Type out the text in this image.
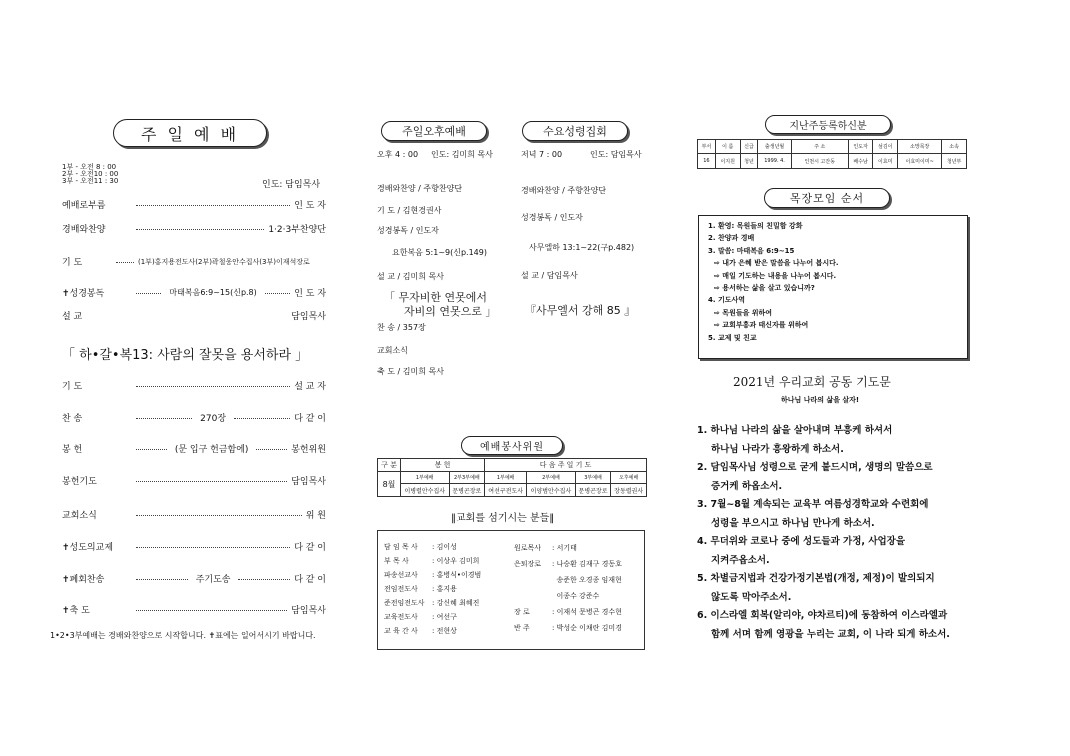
주 일 예 배
1부 - 오전 8 : 00
2부 - 오전10 : 00
3부 - 오전11 : 30	인도: 담임목사
예배로부름	인 도 자
경배와찬양	1·2·3부찬양단
기 도	(1부)홍지용전도사(2부)곽철웅안수집사(3부)이재석장로
✝성경봉독	마태복음6:9~15(신p.8)	인 도 자
설 교	담임목사
「 하•갈•복13: 사람의 잘못을 용서하라 」
기 도	설 교 자
찬 송	270장	다 같 이
봉 헌	(문 입구 헌금함에)	봉헌위원
봉헌기도	담임목사
교회소식	위 원
✝성도의교제	다 같 이
✝폐회찬송	주기도송	다 같 이
✝축 도	담임목사
1•2•3부예배는 경배와찬양으로 시작합니다. ✝표에는 일어서시기 바랍니다.
주일오후예배	수요성령집회
오후 4 : 00 인도: 김미희 목사
경배와찬양 / 주향찬양단
기 도 / 김현경권사
성경봉독 / 인도자
요한복음 5:1~9(신p.149)
설 교 / 김미희 목사
「 무자비한 연못에서
자비의 연못으로 」
찬 송 / 357장
교회소식
축 도 / 김미희 목사
저녁 7 : 00	인도: 담임목사
경배와찬양 / 주향찬양단
성경봉독 / 인도자
사무엘하 13:1~22(구p.482)
설 교 / 담임목사
『사무엘서 강해 85 』
예배봉사위원
구 분	봉 헌		다 음 주 일 기 도			
8월	1부예배	2부3부예배	1부예배	2부예배	3부예배	오후예배
	이병렬안수집사	문병곤장로	여선구전도사	이양범안수집사	문병곤장로	장동렬권사
‖교회를 섬기시는 분들‖
담 임 목 사 : 김이성
부 목 사	: 이상우 김미희
파송선교사 : 홍병식•이경범
전임전도사 : 홍지용
준전임전도사 : 강신혜 최혜진
교육전도사 : 여선구
교 육 간 사 : 전현상
원로목사 : 서기태
은퇴장로 : 나승환 김재구 경동호
송준한 오경종 임재현
이종수 강준수
장 로	: 이재석 문병곤 경수현
반 주	: 박성순 이채란 김미경
지난주등록하신분
부서	이 름	신급	출생년월	주 소	인도자	섬김이	소망목장	소속
16	이지원	청년	1999. 4.	인천시 고잔동	배수남	이효미	이효미이미~	청년부
목장모임 순서
1. 환영: 목원들의 친밀함 강화
2. 찬양과 경배
3. 말씀: 마태복음 6:9~15
⇨ 내가 은혜 받은 말씀을 나누어 봅시다.
⇨ 매일 기도하는 내용을 나누어 봅시다.
⇨ 용서하는 삶을 살고 있습니까?
4. 기도사역
⇨ 목원들을 위하여
⇨ 교회부흥과 태신자를 위하여
5. 교제 및 친교
2021년 우리교회 공동 기도문
하나님 나라의 삶을 살자!
1. 하나님 나라의 삶을 살아내며 부흥케 하셔서
하나님 나라가 흥왕하게 하소서.
2. 담임목사님 성령으로 굳게 붙드시며, 생명의 말씀으로
증거케 하옵소서.
3. 7월~8월 계속되는 교육부 여름성경학교와 수련회에
성령을 부으시고 하나님 만나게 하소서.
4. 무더위와 코로나 중에 성도들과 가정, 사업장을
지켜주옵소서.
5. 차별금지법과 건강가정기본법(개정, 제정)이 발의되지
않도록 막아주소서.
6. 이스라엘 회복(알리야, 야차르티)에 동참하여 이스라엘과
함께 서며 함께 영광을 누리는 교회, 이 나라 되게 하소서.
